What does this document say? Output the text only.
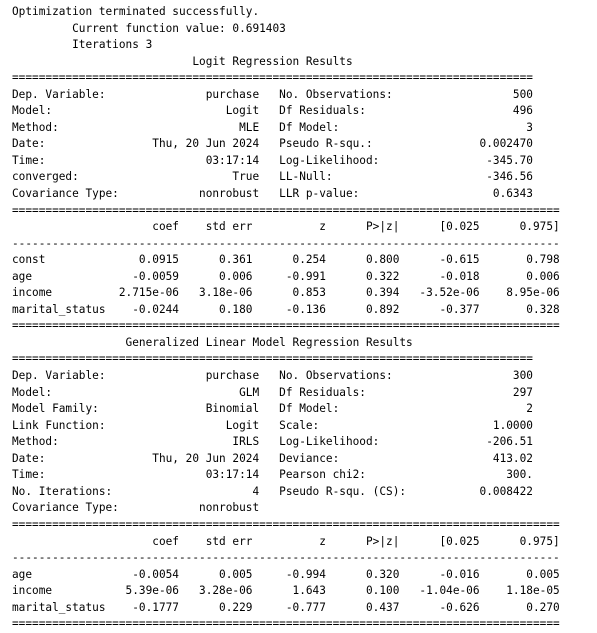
Optimization terminated successfully.
Current function value: 0.691403
Iterations 3
Logit Regression Results
==============================================================================
Dep. Variable:               purchase   No. Observations:                  500
Model:                          Logit   Df Residuals:                      496
Method:                           MLE   Df Model:                            3
Date:                Thu, 20 Jun 2024   Pseudo R-squ.:                0.002470
Time:                        03:17:14   Log-Likelihood:                -345.70
converged:                       True   LL-Null:                       -346.56
Covariance Type:            nonrobust   LLR p-value:                    0.6343
==================================================================================
coef    std err          z      P>|z|      [0.025      0.975]
----------------------------------------------------------------------------------
const              0.0915      0.361      0.254      0.800      -0.615       0.798
age               -0.0059      0.006     -0.991      0.322      -0.018       0.006
income          2.715e-06   3.18e-06      0.853      0.394   -3.52e-06    8.95e-06
marital_status    -0.0244      0.180     -0.136      0.892      -0.377       0.328
==================================================================================
Generalized Linear Model Regression Results
==============================================================================
Dep. Variable:               purchase   No. Observations:                  300
Model:                            GLM   Df Residuals:                      297
Model Family:                Binomial   Df Model:                            2
Link Function:                  Logit   Scale:                          1.0000
Method:                          IRLS   Log-Likelihood:                -206.51
Date:                Thu, 20 Jun 2024   Deviance:                       413.02
Time:                        03:17:14   Pearson chi2:                     300.
No. Iterations:                     4   Pseudo R-squ. (CS):           0.008422
Covariance Type:            nonrobust
==================================================================================
coef    std err          z      P>|z|      [0.025      0.975]
----------------------------------------------------------------------------------
age               -0.0054      0.005     -0.994      0.320      -0.016       0.005
income           5.39e-06   3.28e-06      1.643      0.100   -1.04e-06    1.18e-05
marital_status    -0.1777      0.229     -0.777      0.437      -0.626       0.270
==================================================================================
